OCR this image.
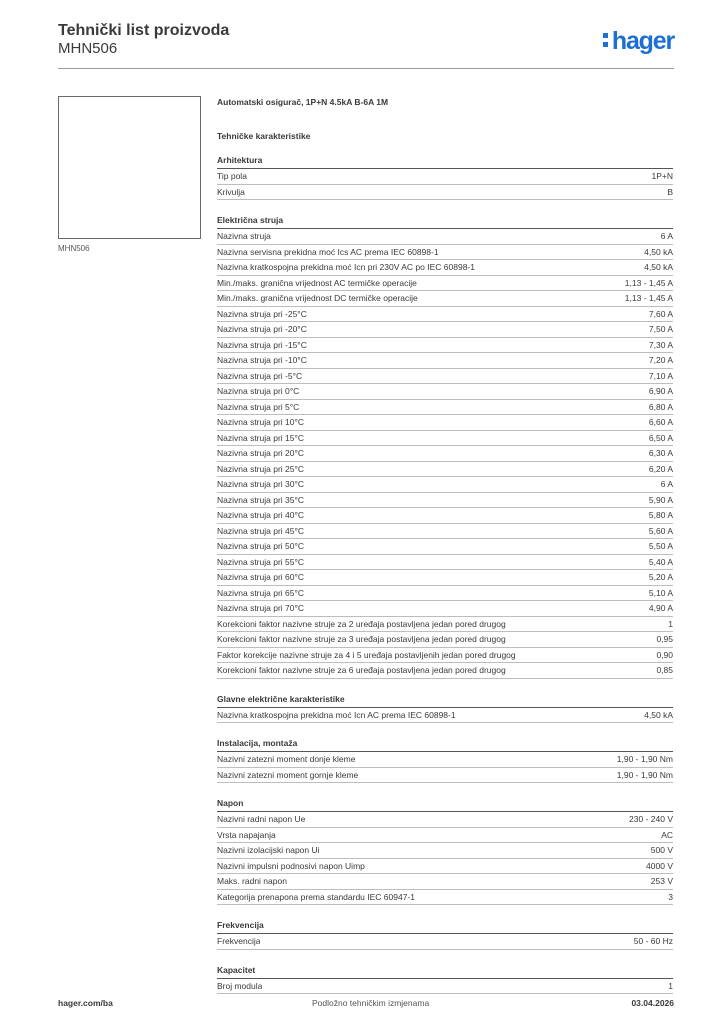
Tehnički list proizvoda
MHN506	hager
MHN506
Automatski osigurač, 1P+N 4.5kA B-6A 1M
Tehničke karakteristike
Arhitektura
Tip pola	1P+N
Krivulja	B
Električna struja
Nazivna struja	6 A
Nazivna servisna prekidna moć Ics AC prema IEC 60898-1	4,50 kA
Nazivna kratkospojna prekidna moć Icn pri 230V AC po IEC 60898-1	4,50 kA
Min./maks. granična vrijednost AC termičke operacije	1,13 - 1,45 A
Min./maks. granična vrijednost DC termičke operacije	1,13 - 1,45 A
Nazivna struja pri -25°C	7,60 A
Nazivna struja pri -20°C	7,50 A
Nazivna struja pri -15°C	7,30 A
Nazivna struja pri -10°C	7,20 A
Nazivna struja pri -5°C	7,10 A
Nazivna struja pri 0°C	6,90 A
Nazivna struja pri 5°C	6,80 A
Nazivna struja pri 10°C	6,60 A
Nazivna struja pri 15°C	6,50 A
Nazivna struja pri 20°C	6,30 A
Nazivna struja pri 25°C	6,20 A
Nazivna struja pri 30°C	6 A
Nazivna struja pri 35°C	5,90 A
Nazivna struja pri 40°C	5,80 A
Nazivna struja pri 45°C	5,60 A
Nazivna struja pri 50°C	5,50 A
Nazivna struja pri 55°C	5,40 A
Nazivna struja pri 60°C	5,20 A
Nazivna struja pri 65°C	5,10 A
Nazivna struja pri 70°C	4,90 A
Korekcioni faktor nazivne struje za 2 uređaja postavljena jedan pored drugog	1
Korekcioni faktor nazivne struje za 3 uređaja postavljena jedan pored drugog	0,95
Faktor korekcije nazivne struje za 4 i 5 uređaja postavljenih jedan pored drugog	0,90
Korekcioni faktor nazivne struje za 6 uređaja postavljena jedan pored drugog	0,85
Glavne električne karakteristike
Nazivna kratkospojna prekidna moć Icn AC prema IEC 60898-1	4,50 kA
Instalacija, montaža
Nazivni zatezni moment donje kleme	1,90 - 1,90 Nm
Nazivni zatezni moment gornje kleme	1,90 - 1,90 Nm
Napon
Nazivni radni napon Ue	230 - 240 V
Vrsta napajanja	AC
Nazivni izolacijski napon Ui	500 V
Nazivni impulsni podnosivi napon Uimp	4000 V
Maks. radni napon	253 V
Kategorija prenapona prema standardu IEC 60947-1	3
Frekvencija
Frekvencija	50 - 60 Hz
Kapacitet
Broj modula	1
hager.com/ba	Podložno tehničkim izmjenama	03.04.2026
